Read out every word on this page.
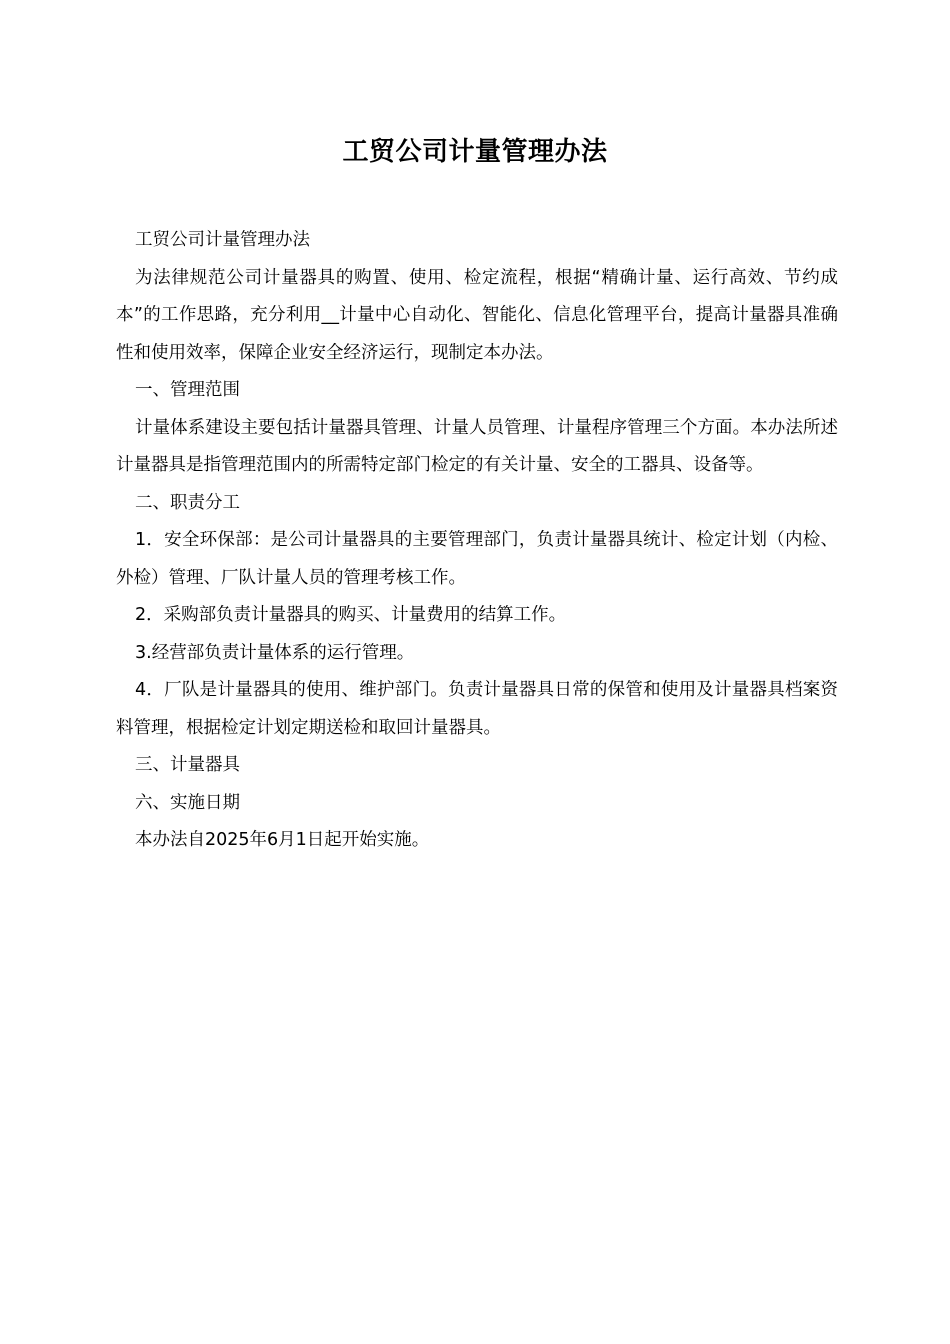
工贸公司计量管理办法

工贸公司计量管理办法

为法律规范公司计量器具的购置、使用、检定流程，根据“精确计量、运行高效、节约成本”的工作思路，充分利用__计量中心自动化、智能化、信息化管理平台，提高计量器具准确性和使用效率，保障企业安全经济运行，现制定本办法。

一、管理范围

计量体系建设主要包括计量器具管理、计量人员管理、计量程序管理三个方面。本办法所述计量器具是指管理范围内的所需特定部门检定的有关计量、安全的工器具、设备等。

二、职责分工

1．安全环保部：是公司计量器具的主要管理部门，负责计量器具统计、检定计划（内检、外检）管理、厂队计量人员的管理考核工作。

2．采购部负责计量器具的购买、计量费用的结算工作。

3.经营部负责计量体系的运行管理。

4．厂队是计量器具的使用、维护部门。负责计量器具日常的保管和使用及计量器具档案资料管理，根据检定计划定期送检和取回计量器具。

三、计量器具

六、实施日期

本办法自2025年6月1日起开始实施。
